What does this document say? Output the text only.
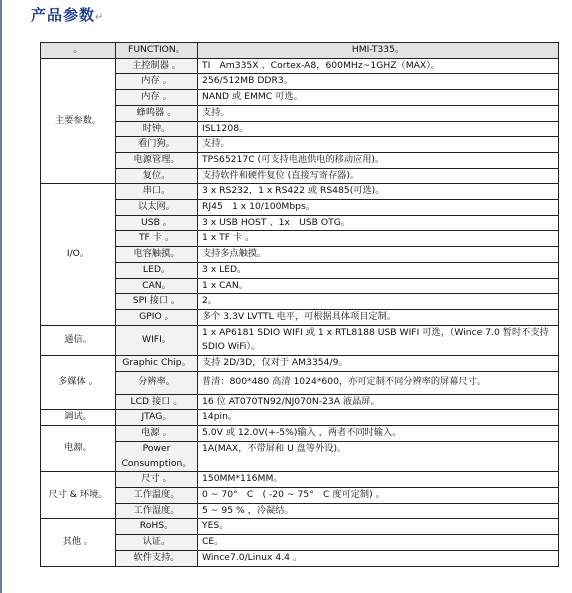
产品参数↵
。	FUNCTION。	HMI-T335。
主要参数。	主控制器 。	TI　Am335X 、Cortex-A8，600MHz~1GHZ（MAX）。
	内存 。	256/512MB DDR3。
	内存 。	NAND 或 EMMC 可选。
	蜂鸣器 。	支持。
	时钟。	ISL1208。
	看门狗。	支持。
	电源管理。	TPS65217C (可支持电池供电的移动应用)。
	复位。	支持软件和硬件复位 (直接写寄存器)。
I/O。	串口。	3 x RS232，1 x RS422 或 RS485(可选)。
	以太网。	RJ45　1 x 10/100Mbps。
	USB 。	3 x USB HOST 、1x　USB OTG。
	TF 卡 。	1 x TF 卡 。
	电容触摸。	支持多点触摸。
	LED。	3 x LED。
	CAN。	1 x CAN。
	SPI 接口 。	2。
	GPIO 。	多个 3.3V LVTTL 电平，可根据具体项目定制。
通信。	WIFI。	1 x AP6181 SDIO WIFI 或 1 x RTL8188 USB WIFI 可选，（Wince 7.0 暂时不支持 SDIO WiFi）。
多媒体 。	Graphic Chip。	支持 2D/3D，仅对于 AM3354/9。
	分辨率。	普清：800*480 高清 1024*600，亦可定制不同分辨率的屏幕尺寸。
	LCD 接口 。	16 位 AT070TN92/NJ070N-23A 液晶屏。
调试。	JTAG。	14pin。
电源。	电源 。	5.0V 或 12.0V(+-5%)输入 ，两者不同时输入。
	Power Consumption。	1A(MAX，不带屏和 U 盘等外设)。
尺寸 & 环境。	尺寸 。	150MM*116MM。
	工作温度。	0 ~ 70°　C　( -20 ~ 75°　C 度可定制) 。
	工作湿度。	5 ~ 95 % ，冷凝结。
其他 。	RoHS。	YES。
	认证。	CE。
	软件支持。	Wince7.0/Linux 4.4 。
